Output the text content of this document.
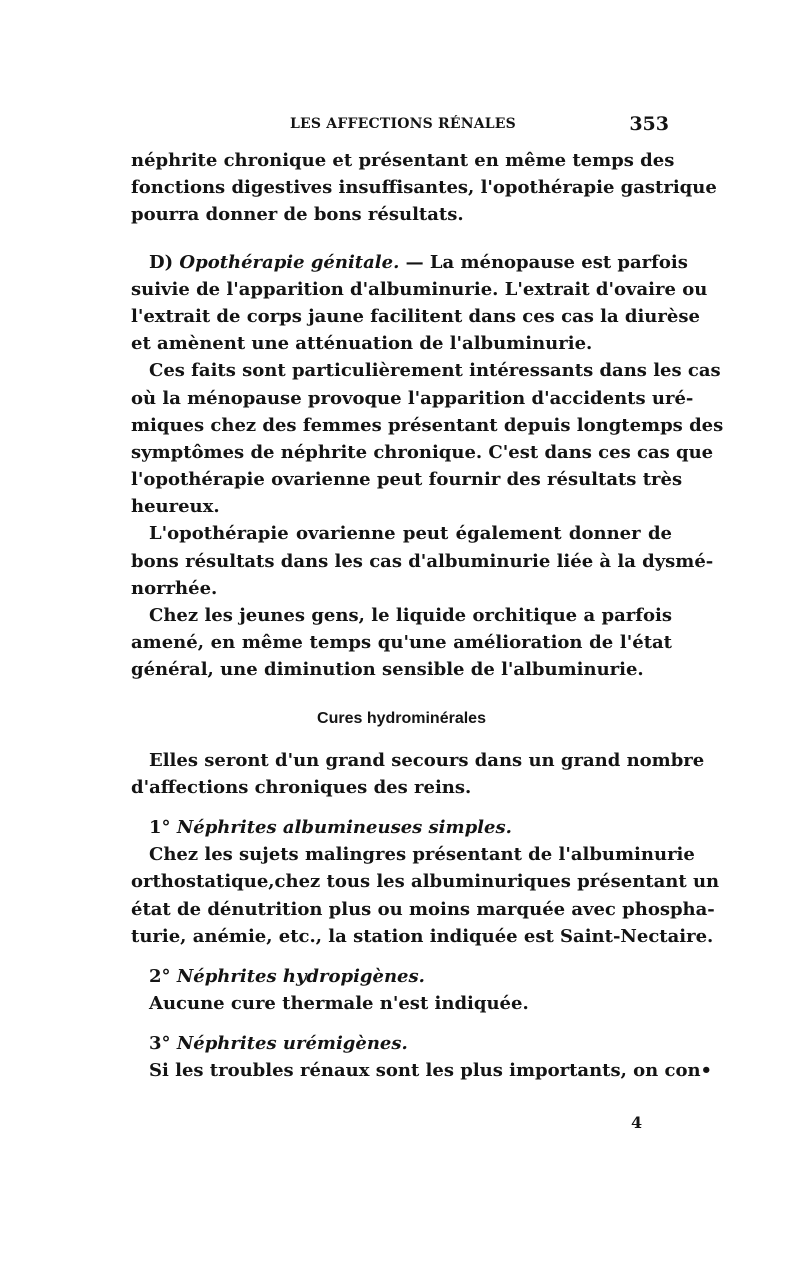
LES AFFECTIONS RÉNALES	353
néphrite chronique et présentant en même temps des
fonctions digestives insuffisantes, l'opothérapie gastrique
pourra donner de bons résultats.
D) Opothérapie génitale. — La ménopause est parfois
suivie de l'apparition d'albuminurie. L'extrait d'ovaire ou
l'extrait de corps jaune facilitent dans ces cas la diurèse
et amènent une atténuation de l'albuminurie.
Ces faits sont particulièrement intéressants dans les cas
où la ménopause provoque l'apparition d'accidents uré-
miques chez des femmes présentant depuis longtemps des
symptômes de néphrite chronique. C'est dans ces cas que
l'opothérapie ovarienne peut fournir des résultats très
heureux.
L'opothérapie ovarienne peut également donner de
bons résultats dans les cas d'albuminurie liée à la dysmé-
norrhée.
Chez les jeunes gens, le liquide orchitique a parfois
amené, en même temps qu'une amélioration de l'état
général, une diminution sensible de l'albuminurie.
Cures hydrominérales
Elles seront d'un grand secours dans un grand nombre
d'affections chroniques des reins.
1° Néphrites albumineuses simples.
Chez les sujets malingres présentant de l'albuminurie
orthostatique,chez tous les albuminuriques présentant un
état de dénutrition plus ou moins marquée avec phospha-
turie, anémie, etc., la station indiquée est Saint-Nectaire.
2° Néphrites hydropigènes.
Aucune cure thermale n'est indiquée.
3° Néphrites urémigènes.
Si les troubles rénaux sont les plus importants, on con•
4
